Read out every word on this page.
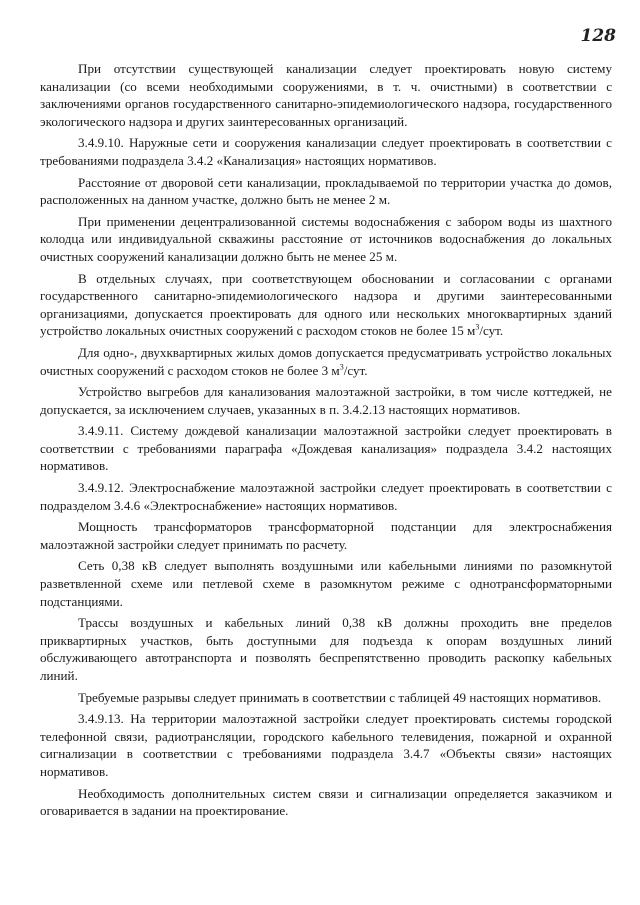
128

При отсутствии существующей канализации следует проектировать новую систему канализации (со всеми необходимыми сооружениями, в т. ч. очистными) в соответствии с заключениями органов государственного санитарно-эпидемиологического надзора, государственного экологического надзора и других заинтересованных организаций.

3.4.9.10. Наружные сети и сооружения канализации следует проектировать в соответствии с требованиями подраздела 3.4.2 «Канализация» настоящих нормативов.

Расстояние от дворовой сети канализации, прокладываемой по территории участка до домов, расположенных на данном участке, должно быть не менее 2 м.

При применении децентрализованной системы водоснабжения с забором воды из шахтного колодца или индивидуальной скважины расстояние от источников водоснабжения до локальных очистных сооружений канализации должно быть не менее 25 м.

В отдельных случаях, при соответствующем обосновании и согласовании с органами государственного санитарно-эпидемиологического надзора и другими заинтересованными организациями, допускается проектировать для одного или нескольких многоквартирных зданий устройство локальных очистных сооружений с расходом стоков не более 15 $м^3$/сут.

Для одно-, двухквартирных жилых домов допускается предусматривать устройство локальных очистных сооружений с расходом стоков не более 3 $м^3$/сут.

Устройство выгребов для канализования малоэтажной застройки, в том числе коттеджей, не допускается, за исключением случаев, указанных в п. 3.4.2.13 настоящих нормативов.

3.4.9.11. Систему дождевой канализации малоэтажной застройки следует проектировать в соответствии с требованиями параграфа «Дождевая канализация» подраздела 3.4.2 настоящих нормативов.

3.4.9.12. Электроснабжение малоэтажной застройки следует проектировать в соответствии с подразделом 3.4.6 «Электроснабжение» настоящих нормативов.

Мощность трансформаторов трансформаторной подстанции для электроснабжения малоэтажной застройки следует принимать по расчету.

Сеть 0,38 кВ следует выполнять воздушными или кабельными линиями по разомкнутой разветвленной схеме или петлевой схеме в разомкнутом режиме с однотрансформаторными подстанциями.

Трассы воздушных и кабельных линий 0,38 кВ должны проходить вне пределов приквартирных участков, быть доступными для подъезда к опорам воздушных линий обслуживающего автотранспорта и позволять беспрепятственно проводить раскопку кабельных линий.

Требуемые разрывы следует принимать в соответствии с таблицей 49 настоящих нормативов.

3.4.9.13. На территории малоэтажной застройки следует проектировать системы городской телефонной связи, радиотрансляции, городского кабельного телевидения, пожарной и охранной сигнализации в соответствии с требованиями подраздела 3.4.7 «Объекты связи» настоящих нормативов.

Необходимость дополнительных систем связи и сигнализации определяется заказчиком и оговаривается в задании на проектирование.
